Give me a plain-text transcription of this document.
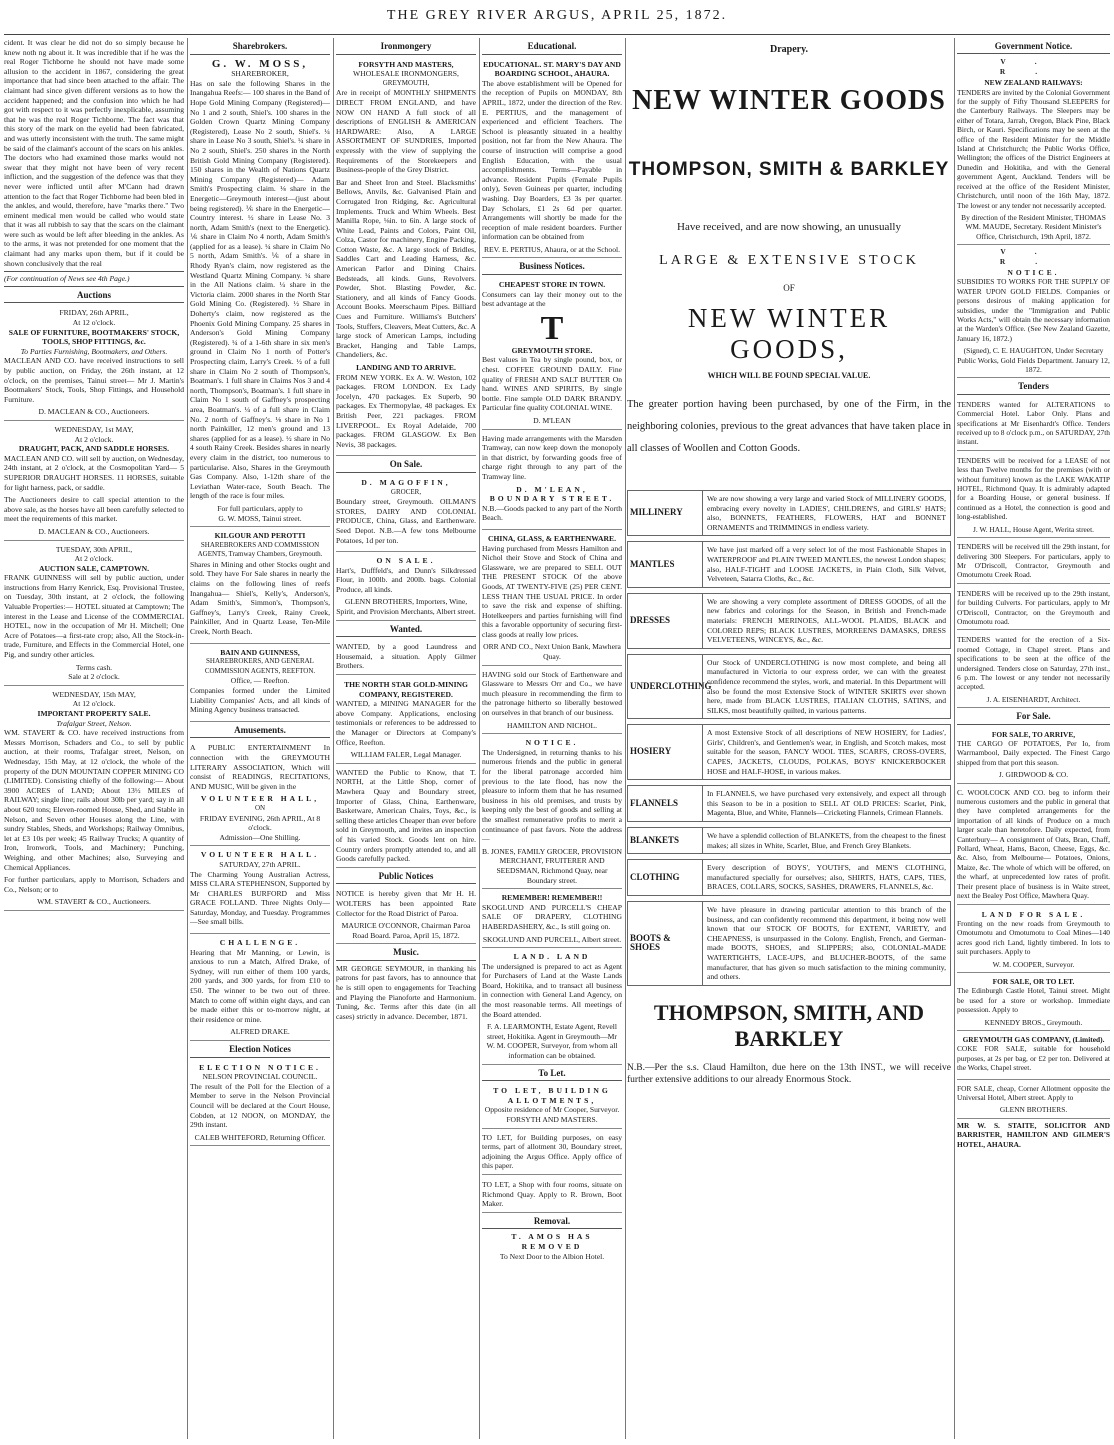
THE GREY RIVER ARGUS, APRIL 25, 1872.

cident. It was clear he did not do so simply because he knew noth ng about it. It was incredible that if he was the real Roger Tichborne he should not have made some allusion to the accident in 1867, considering the great importance that had since been attached to the affair. The claimant had since given different versions as to how the accident happened; and the confusion into which he had got with respect to it was perfectly inexplicable, assuming that he was the real Roger Tichborne. The fact was that this story of the mark on the eyelid had been fabricated, and was utterly inconsistent with the truth. The same might be said of the claimant's account of the scars on his ankles. The doctors who had examined those marks would not swear that they might not have been of very recent infliction, and the suggestion of the defence was that they never were inflicted until after M'Cann had drawn attention to the fact that Roger Tichborne had been bled in the ankles, and would, therefore, have "marks there." Two eminent medical men would be called who would state that it was all rubbish to say that the scars on the claimant were such as would be left after bleeding in the ankles. As to the arms, it was not pretended for one moment that the claimant had any marks upon them, but if it could be shown conclusively that the real

(For continuation of News see 4th Page.)

Auctions
FRIDAY, 26th APRIL,
At 12 o'clock.
SALE OF FURNITURE, BOOTMAKERS' STOCK, TOOLS, SHOP FITTINGS, &c.
To Parties Furnishing, Bootmakers, and Others.

MACLEAN AND CO. have received instructions to sell by public auction, on Friday, the 26th instant, at 12 o'clock, on the premises, Tainui street— Mr J. Martin's Bootmakers' Stock, Tools, Shop Fittings, and Household Furniture.

D. MACLEAN & CO., Auctioneers.
WEDNESDAY, 1st MAY,
At 2 o'clock.
DRAUGHT, PACK, AND SADDLE HORSES.

MACLEAN AND CO. will sell by auction, on Wednesday, 24th instant, at 2 o'clock, at the Cosmopolitan Yard— 5 SUPERIOR DRAUGHT HORSES. 11 HORSES, suitable for light harness, pack, or saddle.

The Auctioneers desire to call special attention to the above sale, as the horses have all been carefully selected to meet the requirements of this market.

D. MACLEAN & CO., Auctioneers.
TUESDAY, 30th APRIL,
At 2 o'clock.
AUCTION SALE, CAMPTOWN.

FRANK GUINNESS will sell by public auction, under instructions from Harry Kenrick, Esq. Provisional Trustee, on Tuesday, 30th instant, at 2 o'clock, the following Valuable Properties:— HOTEL situated at Camptown; The interest in the Lease and License of the COMMERCIAL HOTEL, now in the occupation of Mr H. Mitchell; One Acre of Potatoes—a first-rate crop; also, All the Stock-in-trade, Furniture, and Effects in the Commercial Hotel, one Pig, and sundry other articles.

Terms cash.
Sale at 2 o'clock.
WEDNESDAY, 15th MAY,
At 12 o'clock.
IMPORTANT PROPERTY SALE.
Trafalgar Street, Nelson.

WM. STAVERT & CO. have received instructions from Messrs Morrison, Schaders and Co., to sell by public auction, at their rooms, Trafalgar street, Nelson, on Wednesday, 15th May, at 12 o'clock, the whole of the property of the DUN MOUNTAIN COPPER MINING CO (LIMITED). Consisting chiefly of the following:— About 3900 ACRES of LAND; About 13½ MILES of RAILWAY; single line; rails about 30lb per yard; say in all about 620 tons; Eleven-roomed House, Shed, and Stable in Nelson, and Seven other Houses along the Line, with sundry Stables, Sheds, and Workshops; Railway Omnibus, let at £3 10s per week; 45 Railway Trucks; A quantity of Iron, Ironwork, Tools, and Machinery; Punching, Weighing, and other Machines; also, Surveying and Chemical Appliances.

For further particulars, apply to Morrison, Schaders and Co., Nelson; or to

WM. STAVERT & CO., Auctioneers.
Sharebrokers.
G. W. MOSS,
SHAREBROKER,

Has on sale the following Shares in the Inangahua Reefs:— 100 shares in the Band of Hope Gold Mining Company (Registered)—No 1 and 2 south, Shiel's. 100 shares in the Golden Crown Quartz Mining Company (Registered), Lease No 2 south, Shiel's. ¼ share in Lease No 3 south, Shiel's. ¼ share in No 2 south, Shiel's. 250 shares in the North British Gold Mining Company (Registered). 150 shares in the Wealth of Nations Quartz Mining Company (Registered)— Adam Smith's Prospecting claim. ⅛ share in the Energetic—Greymouth interest—(just about being registered). ⅙ share in the Energetic—Country interest. ½ share in Lease No. 3 north, Adam Smith's (next to the Energetic). ⅙ share in Claim No 4 north, Adam Smith's (applied for as a lease). ¼ share in Claim No 5 north, Adam Smith's. ⅙ of a share in Rhody Ryan's claim, now registered as the Westland Quartz Mining Company. ¼ share in the All Nations claim. ¼ share in the Victoria claim. 2000 shares in the North Star Gold Mining Co. (Registered). ½ Share in Doherty's claim, now registered as the Phoenix Gold Mining Company. 25 shares in Anderson's Gold Mining Company (Registered). ¼ of a 1-6th share in six men's ground in Claim No 1 north of Potter's Prospecting claim, Larry's Creek. ½ of a full share in Claim No 2 south of Thompson's, Boatman's. 1 full share in Claims Nos 3 and 4 north, Thompson's, Boatman's. 1 full share in Claim No 1 south of Gaffney's prospecting area, Boatman's. ¼ of a full share in Claim No. 2 north of Gaffney's. ⅛ share in No 1 north Painkiller, 12 men's ground and 13 shares (applied for as a lease). ½ share in No 4 south Rainy Creek. Besides shares in nearly every claim in the district, too numerous to particularise. Also, Shares in the Greymouth Gas Company. Also, 1-12th share of the Leviathan Water-race, South Beach. The length of the race is four miles.

For full particulars, apply to
G. W. MOSS, Tainui street.
KILGOUR AND PEROTTI
SHAREBROKERS AND COMMISSION AGENTS, Tramway Chambers, Greymouth.

Shares in Mining and other Stocks ought and sold. They have For Sale shares in nearly the claims on the following lines of reefs Inangahua— Shiel's, Kelly's, Anderson's, Adam Smith's, Simmon's, Thompson's, Gaffney's, Larry's Creek, Rainy Creek, Painkiller, And in Quartz Lease, Ten-Mile Creek, North Beach.

BAIN AND GUINNESS,
SHAREBROKERS, AND GENERAL COMMISSION AGENTS, REEFTON.
Office, — Reefton.

Companies formed under the Limited Liability Companies' Acts, and all kinds of Mining Agency business transacted.

Amusements.

A PUBLIC ENTERTAINMENT In connection with the GREYMOUTH LITERARY ASSOCIATION, Which will consist of READINGS, RECITATIONS, AND MUSIC, Will be given in the

VOLUNTEER HALL,
ON
FRIDAY EVENING, 26th APRIL, At 8 o'clock.
Admission—One Shilling.
VOLUNTEER HALL.
SATURDAY, 27th APRIL.

The Charming Young Australian Actress, MISS CLARA STEPHENSON, Supported by Mr CHARLES BURFORD and Miss GRACE FOLLAND. Three Nights Only—Saturday, Monday, and Tuesday. Programmes—See small bills.

CHALLENGE.

Hearing that Mr Manning, or Lewin, is anxious to run a Match, Alfred Drake, of Sydney, will run either of them 100 yards, 200 yards, and 300 yards, for from £10 to £50. The winner to be two out of three. Match to come off within eight days, and can be made either this or to-morrow night, at their residence or mine.

ALFRED DRAKE.
Election Notices
ELECTION NOTICE.
NELSON PROVINCIAL COUNCIL.

The result of the Poll for the Election of a Member to serve in the Nelson Provincial Council will be declared at the Court House, Cobden, at 12 NOON, on MONDAY, the 29th instant.

CALEB WHITEFORD, Returning Officer.
Ironmongery
FORSYTH AND MASTERS,
WHOLESALE IRONMONGERS,
GREYMOUTH,

Are in receipt of MONTHLY SHIPMENTS DIRECT FROM ENGLAND, and have NOW ON HAND A full stock of all descriptions of ENGLISH & AMERICAN HARDWARE: Also, A LARGE ASSORTMENT OF SUNDRIES, Imported expressly with the view of supplying the Requirements of the Storekeepers and Business-people of the Grey District.

Bar and Sheet Iron and Steel. Blacksmiths' Bellows, Anvils, &c. Galvanised Plain and Corrugated Iron Ridging, &c. Agricultural Implements. Truck and Whim Wheels. Best Manilla Rope, ⅛in. to 6in. A large stock of White Lead, Paints and Colors, Paint Oil, Colza, Castor for machinery, Engine Packing, Cotton Waste, &c. A large stock of Bridles, Saddles Cart and Leading Harness, &c. American Parlor and Dining Chairs. Bedsteads, all kinds. Guns, Revolvers. Powder, Shot. Blasting Powder, &c. Stationery, and all kinds of Fancy Goods. Account Books. Meerschaum Pipes. Billiard Cues and Furniture. Williams's Butchers' Tools, Stuffers, Cleavers, Meat Cutters, &c. A large stock of American Lamps, including Bracket, Hanging and Table Lamps, Chandeliers, &c.

LANDING AND TO ARRIVE.

FROM NEW YORK. Ex A. W. Weston, 102 packages. FROM LONDON. Ex Lady Jocelyn, 470 packages. Ex Superb, 90 packages. Ex Thermopylae, 48 packages. Ex British Peer, 221 packages. FROM LIVERPOOL. Ex Royal Adelaide, 700 packages. FROM GLASGOW. Ex Ben Nevis, 38 packages.

On Sale.
D. MAGOFFIN,
GROCER,

Boundary street, Greymouth. OILMAN'S STORES, DAIRY AND COLONIAL PRODUCE, China, Glass, and Earthenware. Seed Depot. N.B.—A few tons Melbourne Potatoes, 1d per ton.

ON SALE.

Hart's, Dufffeld's, and Dunn's Silkdressed Flour, in 100lb. and 200lb. bags. Colonial Produce, all kinds.

GLENN BROTHERS, Importers, Wine, Spirit, and Provision Merchants, Albert street.
Wanted.

WANTED, by a good Laundress and Housemaid, a situation. Apply Gilmer Brothers.

THE NORTH STAR GOLD-MINING COMPANY, REGISTERED.

WANTED, a MINING MANAGER for the above Company. Applications, enclosing testimonials or references to be addressed to the Manager or Directors at Company's Office, Reefton.

WILLIAM FALER, Legal Manager.

WANTED the Public to Know, that T. NORTH, at the Little Shop, corner of Mawhera Quay and Boundary street, Importer of Glass, China, Earthenware, Basketware, American Chairs, Toys, &c., is selling these articles Cheaper than ever before sold in Greymouth, and invites an inspection of his varied Stock. Goods lent on hire. Country orders promptly attended to, and all Goods carefully packed.

Public Notices

NOTICE is hereby given that Mr H. H. WOLTERS has been appointed Rate Collector for the Road District of Paroa.

MAURICE O'CONNOR, Chairman Paroa Road Board. Paroa, April 15, 1872.
Music.

MR GEORGE SEYMOUR, in thanking his patrons for past favors, has to announce that he is still open to engagements for Teaching and Playing the Pianoforte and Harmonium. Tuning, &c. Terms after this date (in all cases) strictly in advance. December, 1871.

Educational.
EDUCATIONAL. ST. MARY'S DAY AND BOARDING SCHOOL, AHAURA.

The above establishment will be Opened for the reception of Pupils on MONDAY, 8th APRIL, 1872, under the direction of the Rev. E. PERTIUS, and the management of experienced and efficient Teachers. The School is pleasantly situated in a healthy position, not far from the New Ahaura. The course of instruction will comprise a good English Education, with the usual accomplishments. Terms—Payable in advance. Resident Pupils (Female Pupils only), Seven Guineas per quarter, including washing. Day Boarders, £3 3s per quarter. Day Scholars, £1 2s 6d per quarter. Arrangements will shortly be made for the reception of male resident boarders. Further information can be obtained from

REV. E. PERTIUS, Ahaura, or at the School.
Business Notices.
CHEAPEST STORE IN TOWN.

Consumers can lay their money out to the best advantage at the

T
GREYMOUTH STORE.

Best values in Tea by single pound, box, or chest. COFFEE GROUND DAILY. Fine quality of FRESH AND SALT BUTTER On hand. WINES AND SPIRITS, By single bottle. Fine sample OLD DARK BRANDY. Particular fine quality COLONIAL WINE.

D. M'LEAN

Having made arrangements with the Marsden Tramway, can now keep down the monopoly in that district, by forwarding goods free of charge right through to any part of the Tramway line.

D. M'LEAN, BOUNDARY STREET.

N.B.—Goods packed to any part of the North Beach.

CHINA, GLASS, & EARTHENWARE.

Having purchased from Messrs Hamilton and Nichol their Stove and Stock of China and Glassware, we are prepared to SELL OUT THE PRESENT STOCK Of the above Goods, AT TWENTY-FIVE (25) PER CENT. LESS THAN THE USUAL PRICE. In order to save the risk and expense of shifting. Hotelkeepers and parties furnishing will find this a favorable opportunity of securing first-class goods at really low prices.

ORR AND CO., Next Union Bank, Mawhera Quay.

HAVING sold our Stock of Earthenware and Glassware to Messrs Orr and Co., we have much pleasure in recommending the firm to the patronage hitherto so liberally bestowed on ourselves in that branch of our business.

HAMILTON AND NICHOL.
NOTICE.

The Undersigned, in returning thanks to his numerous friends and the public in general for the liberal patronage accorded him previous to the late flood, has now the pleasure to inform them that he has resumed business in his old premises, and trusts by keeping only the best of goods and selling at the smallest remunerative profits to merit a continuance of past favors. Note the address—

B. JONES, FAMILY GROCER, PROVISION MERCHANT, FRUITERER AND SEEDSMAN, Richmond Quay, near Boundary street.
REMEMBER! REMEMBER!!

SKOGLUND AND PURCELL'S CHEAP SALE OF DRAPERY, CLOTHING HABERDASHERY, &c., Is still going on.

SKOGLUND AND PURCELL, Albert street.
LAND. LAND

The undersigned is prepared to act as Agent for Purchasers of Land at the Waste Lands Board, Hokitika, and to transact all business in connection with General Land Agency, on the most reasonable terms. All meetings of the Board attended.

F. A. LEARMONTH, Estate Agent, Revell street, Hokitika. Agent in Greymouth—Mr W. M. COOPER, Surveyor, from whom all information can be obtained.
To Let.
TO LET, BUILDING ALLOTMENTS,
Opposite residence of Mr Cooper, Surveyor.
FORSYTH AND MASTERS.

TO LET, for Building purposes, on easy terms, part of allotment 30, Boundary street, adjoining the Argus Office. Apply office of this paper.

TO LET, a Shop with four rooms, situate on Richmond Quay. Apply to R. Brown, Boot Maker.

Removal.
T. AMOS HAS REMOVED
To Next Door to the Albion Hotel.
Drapery.
NEW WINTER GOODS
THOMPSON, SMITH & BARKLEY
Have received, and are now showing, an unusually
LARGE & EXTENSIVE STOCK
OF
NEW WINTER GOODS,
WHICH WILL BE FOUND SPECIAL VALUE.

The greater portion having been purchased, by one of the Firm, in the neighboring colonies, previous to the great advances that have taken place in all classes of Woollen and Cotton Goods.

MILLINERY
We are now showing a very large and varied Stock of MILLINERY GOODS, embracing every novelty in LADIES', CHILDREN'S, and GIRLS' HATS; also, BONNETS, FEATHERS, FLOWERS, HAT and BONNET ORNAMENTS and TRIMMINGS in endless variety.
MANTLES
We have just marked off a very select lot of the most Fashionable Shapes in WATERPROOF and PLAIN TWEED MANTLES, the newest London shapes; also, HALF-TIGHT and LOOSE JACKETS, in Plain Cloth, Silk Velvet, Velveteen, Satarra Cloths, &c., &c.
DRESSES
We are showing a very complete assortment of DRESS GOODS, of all the new fabrics and colorings for the Season, in British and French-made materials: FRENCH MERINOES, ALL-WOOL PLAIDS, BLACK and COLORED REPS; BLACK LUSTRES, MORREENS DAMASKS, DRESS VELVETEENS, WINCEYS, &c., &c.
UNDERCLOTHING
Our Stock of UNDERCLOTHING is now most complete, and being all manufactured in Victoria to our express order, we can with the greatest confidence recommend the styles, work, and material. In this Department will also be found the most Extensive Stock of WINTER SKIRTS ever shown here, made from BLACK LUSTRES, ITALIAN CLOTHS, SATINS, and SILKS, most beautifully quilted, in various patterns.
HOSIERY
A most Extensive Stock of all descriptions of NEW HOSIERY, for Ladies', Girls', Children's, and Gentlemen's wear, in English, and Scotch makes, most suitable for the season, FANCY WOOL TIES, SCARFS, CROSS-OVERS, CAPES, JACKETS, CLOUDS, POLKAS, BOYS' KNICKERBOCKER HOSE and HALF-HOSE, in various makes.
FLANNELS
In FLANNELS, we have purchased very extensively, and expect all through this Season to be in a position to SELL AT OLD PRICES: Scarlet, Pink, Magenta, Blue, and White, Flannels—Cricketing Flannels, Crimean Flannels.
BLANKETS	We have a splendid collection of BLANKETS, from the cheapest to the finest makes; all sizes in White, Scarlet, Blue, and French Grey Blankets.
CLOTHING
Every description of BOYS', YOUTH'S, and MEN'S CLOTHING, manufactured specially for ourselves; also, SHIRTS, HATS, CAPS, TIES, BRACES, COLLARS, SOCKS, SASHES, DRAWERS, FLANNELS, &c.
BOOTS & SHOES
We have pleasure in drawing particular attention to this branch of the business, and can confidently recommend this department, it being now well known that our STOCK OF BOOTS, for EXTENT, VARIETY, and CHEAPNESS, is unsurpassed in the Colony. English, French, and German-made BOOTS, SHOES, and SLIPPERS; also, COLONIAL-MADE WATERTIGHTS, LACE-UPS, and BLUCHER-BOOTS, of the same manufacturer, that has given so much satisfaction to the mining community, and others.
THOMPSON, SMITH, AND BARKLEY

N.B.—Per the s.s. Claud Hamilton, due here on the 13th INST., we will receive further extensive additions to our already Enormous Stock.

Government Notice.
V. R.
NEW ZEALAND RAILWAYS:

TENDERS are invited by the Colonial Government for the supply of Fifty Thousand SLEEPERS for the Canterbury Railways. The Sleepers may be either of Totara, Jarrah, Oregon, Black Pine, Black Birch, or Kauri. Specifications may be seen at the office of the Resident Minister for the Middle Island at Christchurch; the Public Works Office, Wellington; the offices of the District Engineers at Dunedin and Hokitika, and with the General government Agent, Auckland. Tenders will be received at the office of the Resident Minister, Christchurch, until noon of the 16th May, 1872. The lowest or any tender not necessarily accepted.

By direction of the Resident Minister, THOMAS WM. MAUDE, Secretary. Resident Minister's Office, Christchurch, 19th April, 1872.
V. R.
NOTICE.

SUBSIDIES TO WORKS FOR THE SUPPLY OF WATER UPON GOLD FIELDS. Companies or persons desirous of making application for subsidies, under the "Immigration and Public Works Acts," will obtain the necessary information at the Warden's Office. (See New Zealand Gazette, January 16, 1872.)

(Signed), C. E. HAUGHTON, Under Secretary Public Works, Gold Fields Department. January 12, 1872.
Tenders

TENDERS wanted for ALTERATIONS to Commercial Hotel. Labor Only. Plans and specifications at Mr Eisenhardt's Office. Tenders received up to 8 o'clock p.m., on SATURDAY, 27th instant.

TENDERS will be received for a LEASE of not less than Twelve months for the premises (with or without furniture) known as the LAKE WAKATIP HOTEL, Richmond Quay. It is admirably adapted for a Boarding House, or general business. If continued as a Hotel, the connection is good and long-established.

J. W. HALL, House Agent, Werita street.

TENDERS will be received till the 29th instant, for delivering 300 Sleepers. For particulars, apply to Mr O'Driscoll, Contractor, Greymouth and Omotumotu Creek Road.

TENDERS will be received up to the 29th instant, for building Culverts. For particulars, apply to Mr O'Driscoll, Contractor, on the Greymouth and Omotumotu road.

TENDERS wanted for the erection of a Six-roomed Cottage, in Chapel street. Plans and specifications to be seen at the office of the undersigned. Tenders close on Saturday, 27th inst., 6 p.m. The lowest or any tender not necessarily accepted.

J. A. EISENHARDT, Architect.
For Sale.
FOR SALE, TO ARRIVE,

THE CARGO OF POTATOES, Per Io, from Warrnambool, Daily expected. The Finest Cargo shipped from that port this season.

J. GIRDWOOD & CO.

C. WOOLCOCK AND CO. beg to inform their numerous customers and the public in general that they have completed arrangements for the importation of all kinds of Produce on a much larger scale than heretofore. Daily expected, from Canterbury— A consignment of Oats, Bran, Chaff, Pollard, Wheat, Hams, Bacon, Cheese, Eggs, &c. &c. Also, from Melbourne— Potatoes, Onions, Maize, &c. The whole of which will be offered, on the wharf, at unprecedented low rates of profit. Their present place of business is in Waite street, next the Bealey Post Office, Mawhera Quay.

LAND FOR SALE.

Fronting on the new roads from Greymouth to Omotumotu and Omotumotu to Coal Mines—140 acres good rich Land, lightly timbered. In lots to suit purchasers. Apply to

W. M. COOPER, Surveyor.
FOR SALE, OR TO LET.

The Edinburgh Castle Hotel, Tainui street. Might be used for a store or workshop. Immediate possession. Apply to

KENNEDY BROS., Greymouth.
GREYMOUTH GAS COMPANY, (Limited).

COKE FOR SALE, suitable for household purposes, at 2s per bag, or £2 per ton. Delivered at the Works, Chapel street.

FOR SALE, cheap, Corner Allotment opposite the Universal Hotel, Albert street. Apply to

GLENN BROTHERS.

MR W. S. STAITE, SOLICITOR AND BARRISTER, HAMILTON AND GILMER'S HOTEL, AHAURA.
